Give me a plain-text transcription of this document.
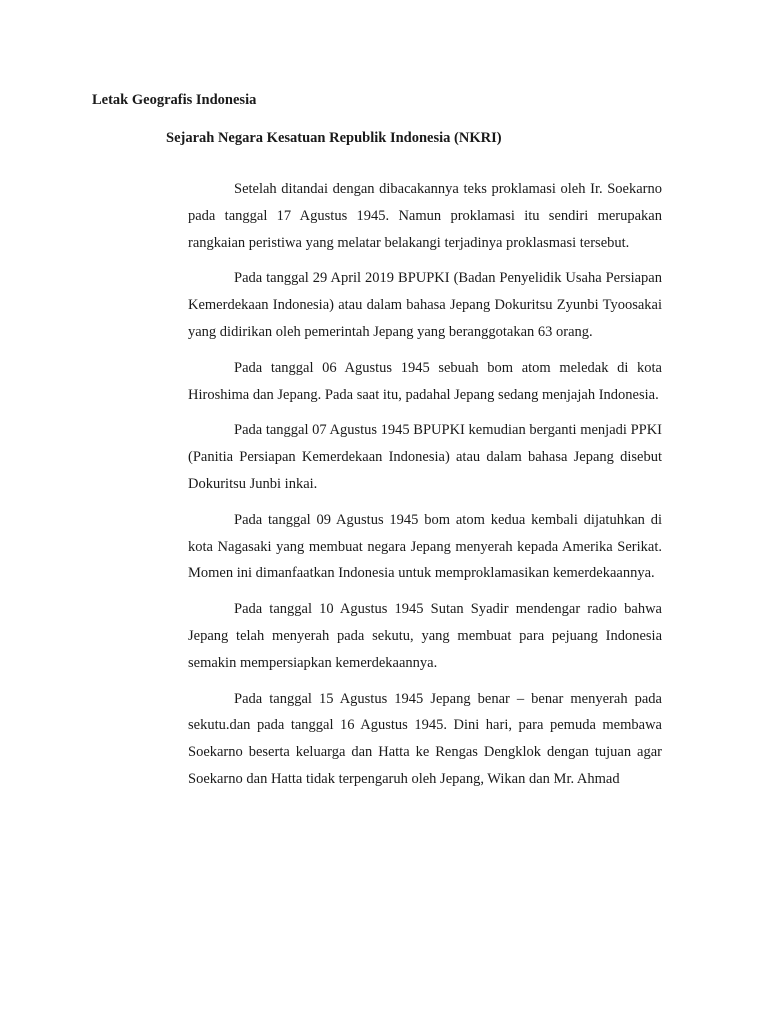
Letak Geografis Indonesia
Sejarah Negara Kesatuan Republik Indonesia (NKRI)

Setelah ditandai dengan dibacakannya teks proklamasi oleh Ir. Soekarno pada tanggal 17 Agustus 1945. Namun proklamasi itu sendiri merupakan rangkaian peristiwa yang melatar belakangi terjadinya proklasmasi tersebut.

Pada tanggal 29 April 2019 BPUPKI (Badan Penyelidik Usaha Persiapan Kemerdekaan Indonesia) atau dalam bahasa Jepang Dokuritsu Zyunbi Tyoosakai yang didirikan oleh pemerintah Jepang yang beranggotakan 63 orang.

Pada tanggal 06 Agustus 1945 sebuah bom atom meledak di kota Hiroshima dan Jepang. Pada saat itu, padahal Jepang sedang menjajah Indonesia.

Pada tanggal 07 Agustus 1945 BPUPKI kemudian berganti menjadi PPKI (Panitia Persiapan Kemerdekaan Indonesia) atau dalam bahasa Jepang disebut Dokuritsu Junbi inkai.

Pada tanggal 09 Agustus 1945 bom atom kedua kembali dijatuhkan di kota Nagasaki yang membuat negara Jepang menyerah kepada Amerika Serikat. Momen ini dimanfaatkan Indonesia untuk memproklamasikan kemerdekaannya.

Pada tanggal 10 Agustus 1945 Sutan Syadir mendengar radio bahwa Jepang telah menyerah pada sekutu, yang membuat para pejuang Indonesia semakin mempersiapkan kemerdekaannya.

Pada tanggal 15 Agustus 1945 Jepang benar – benar menyerah pada sekutu.dan pada tanggal 16 Agustus 1945. Dini hari, para pemuda membawa Soekarno beserta keluarga dan Hatta ke Rengas Dengklok dengan tujuan agar Soekarno dan Hatta tidak terpengaruh oleh Jepang, Wikan dan Mr. Ahmad
